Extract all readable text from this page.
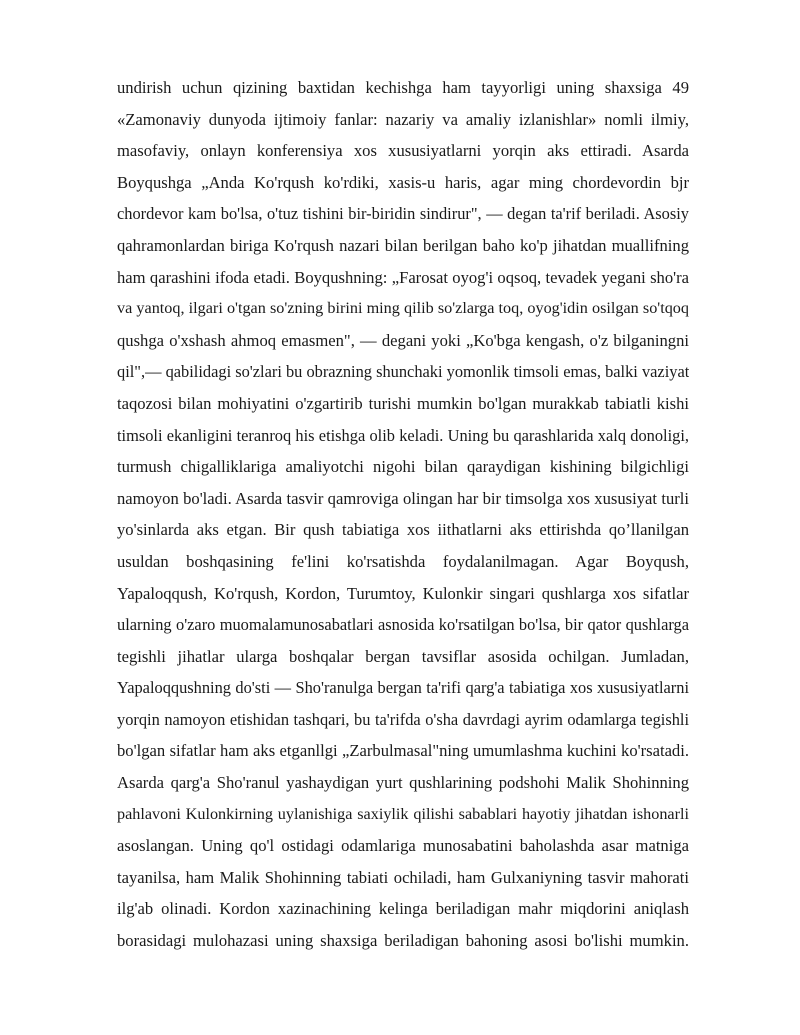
undirish uchun qizining baxtidan kechishga ham tayyorligi uning shaxsiga 49
«Zamonaviy dunyoda ijtimoiy fanlar: nazariy va amaliy izlanishlar» nomli ilmiy,
masofaviy, onlayn konferensiya xos xususiyatlarni yorqin aks ettiradi. Asarda
Boyqushga „Anda Ko'rqush ko'rdiki, xasis-u haris, agar ming chordevordin bjr
chordevor kam bo'lsa, o'tuz tishini bir-biridin sindirur", — degan ta'rif beriladi. Asosiy
qahramonlardan biriga Ko'rqush nazari bilan berilgan baho ko'p jihatdan muallifning
ham qarashini ifoda etadi. Boyqushning: „Farosat oyog'i oqsoq, tevadek yegani sho'ra
va yantoq, ilgari o'tgan so'zning birini ming qilib so'zlarga toq, oyog'idin osilgan so'tqoq
qushga o'xshash ahmoq emasmen", — degani yoki „Ko'bga kengash, o'z bilganingni
qil",— qabilidagi so'zlari bu obrazning shunchaki yomonlik timsoli emas, balki vaziyat
taqozosi bilan mohiyatini o'zgartirib turishi mumkin bo'lgan murakkab tabiatli kishi
timsoli ekanligini teranroq his etishga olib keladi. Uning bu qarashlarida xalq donoligi,
turmush chigalliklariga amaliyotchi nigohi bilan qaraydigan kishining bilgichligi
namoyon bo'ladi. Asarda tasvir qamroviga olingan har bir timsolga xos xususiyat turli
yo'sinlarda aks etgan. Bir qush tabiatiga xos iithatlarni aks ettirishda qo’llanilgan
usuldan boshqasining fe'lini ko'rsatishda foydalanilmagan. Agar Boyqush,
Yapaloqqush, Ko'rqush, Kordon, Turumtoy, Kulonkir singari qushlarga xos sifatlar
ularning o'zaro muomalamunosabatlari asnosida ko'rsatilgan bo'lsa, bir qator qushlarga
tegishli jihatlar ularga boshqalar bergan tavsiflar asosida ochilgan. Jumladan,
Yapaloqqushning do'sti — Sho'ranulga bergan ta'rifi qarg'a tabiatiga xos xususiyatlarni
yorqin namoyon etishidan tashqari, bu ta'rifda o'sha davrdagi ayrim odamlarga tegishli
bo'lgan sifatlar ham aks etganllgi „Zarbulmasal"ning umumlashma kuchini ko'rsatadi.
Asarda qarg'a Sho'ranul yashaydigan yurt qushlarining podshohi Malik Shohinning
pahlavoni Kulonkirning uylanishiga saxiylik qilishi sabablari hayotiy jihatdan ishonarli
asoslangan. Uning qo'l ostidagi odamlariga munosabatini baholashda asar matniga
tayanilsa, ham Malik Shohinning tabiati ochiladi, ham Gulxaniyning tasvir mahorati
ilg'ab olinadi. Kordon xazinachining kelinga beriladigan mahr miqdorini aniqlash
borasidagi mulohazasi uning shaxsiga beriladigan bahoning asosi bo'lishi mumkin.
